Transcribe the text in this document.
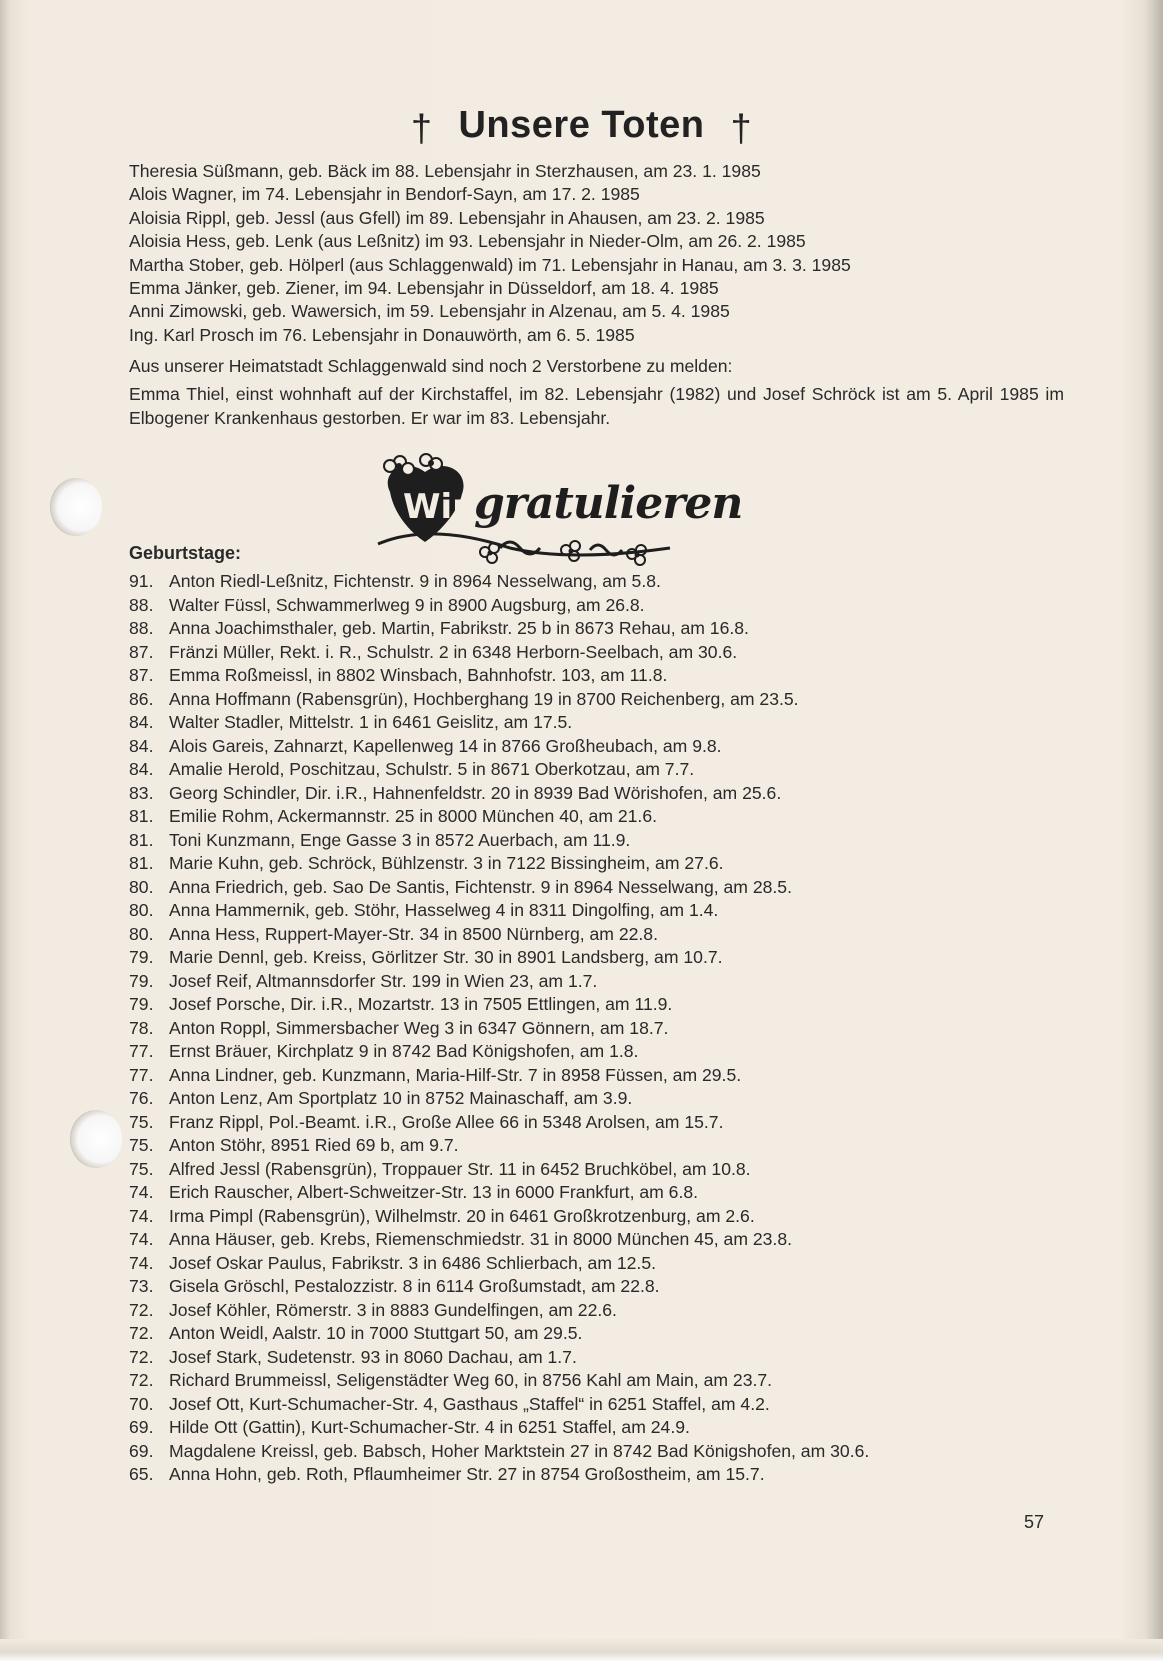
† Unsere Toten †
Theresia Süßmann, geb. Bäck im 88. Lebensjahr in Sterzhausen, am 23. 1. 1985
Alois Wagner, im 74. Lebensjahr in Bendorf-Sayn, am 17. 2. 1985
Aloisia Rippl, geb. Jessl (aus Gfell) im 89. Lebensjahr in Ahausen, am 23. 2. 1985
Aloisia Hess, geb. Lenk (aus Leßnitz) im 93. Lebensjahr in Nieder-Olm, am 26. 2. 1985
Martha Stober, geb. Hölperl (aus Schlaggenwald) im 71. Lebensjahr in Hanau, am 3. 3. 1985
Emma Jänker, geb. Ziener, im 94. Lebensjahr in Düsseldorf, am 18. 4. 1985
Anni Zimowski, geb. Wawersich, im 59. Lebensjahr in Alzenau, am 5. 4. 1985
Ing. Karl Prosch im 76. Lebensjahr in Donauwörth, am 6. 5. 1985

Aus unserer Heimatstadt Schlaggenwald sind noch 2 Verstorbene zu melden:

Emma Thiel, einst wohnhaft auf der Kirchstaffel, im 82. Lebensjahr (1982) und Josef Schröck ist am 5. April 1985 im Elbogener Krankenhaus gestorben. Er war im 83. Lebensjahr.

Wir gratulieren
Geburtstage:
91. Anton Riedl-Leßnitz, Fichtenstr. 9 in 8964 Nesselwang, am 5.8.
88. Walter Füssl, Schwammerlweg 9 in 8900 Augsburg, am 26.8.
88. Anna Joachimsthaler, geb. Martin, Fabrikstr. 25 b in 8673 Rehau, am 16.8.
87. Fränzi Müller, Rekt. i. R., Schulstr. 2 in 6348 Herborn-Seelbach, am 30.6.
87. Emma Roßmeissl, in 8802 Winsbach, Bahnhofstr. 103, am 11.8.
86. Anna Hoffmann (Rabensgrün), Hochberghang 19 in 8700 Reichenberg, am 23.5.
84. Walter Stadler, Mittelstr. 1 in 6461 Geislitz, am 17.5.
84. Alois Gareis, Zahnarzt, Kapellenweg 14 in 8766 Großheubach, am 9.8.
84. Amalie Herold, Poschitzau, Schulstr. 5 in 8671 Oberkotzau, am 7.7.
83. Georg Schindler, Dir. i.R., Hahnenfeldstr. 20 in 8939 Bad Wörishofen, am 25.6.
81. Emilie Rohm, Ackermannstr. 25 in 8000 München 40, am 21.6.
81. Toni Kunzmann, Enge Gasse 3 in 8572 Auerbach, am 11.9.
81. Marie Kuhn, geb. Schröck, Bühlzenstr. 3 in 7122 Bissingheim, am 27.6.
80. Anna Friedrich, geb. Sao De Santis, Fichtenstr. 9 in 8964 Nesselwang, am 28.5.
80. Anna Hammernik, geb. Stöhr, Hasselweg 4 in 8311 Dingolfing, am 1.4.
80. Anna Hess, Ruppert-Mayer-Str. 34 in 8500 Nürnberg, am 22.8.
79. Marie Dennl, geb. Kreiss, Görlitzer Str. 30 in 8901 Landsberg, am 10.7.
79. Josef Reif, Altmannsdorfer Str. 199 in Wien 23, am 1.7.
79. Josef Porsche, Dir. i.R., Mozartstr. 13 in 7505 Ettlingen, am 11.9.
78. Anton Roppl, Simmersbacher Weg 3 in 6347 Gönnern, am 18.7.
77. Ernst Bräuer, Kirchplatz 9 in 8742 Bad Königshofen, am 1.8.
77. Anna Lindner, geb. Kunzmann, Maria-Hilf-Str. 7 in 8958 Füssen, am 29.5.
76. Anton Lenz, Am Sportplatz 10 in 8752 Mainaschaff, am 3.9.
75. Franz Rippl, Pol.-Beamt. i.R., Große Allee 66 in 5348 Arolsen, am 15.7.
75. Anton Stöhr, 8951 Ried 69 b, am 9.7.
75. Alfred Jessl (Rabensgrün), Troppauer Str. 11 in 6452 Bruchköbel, am 10.8.
74. Erich Rauscher, Albert-Schweitzer-Str. 13 in 6000 Frankfurt, am 6.8.
74. Irma Pimpl (Rabensgrün), Wilhelmstr. 20 in 6461 Großkrotzenburg, am 2.6.
74. Anna Häuser, geb. Krebs, Riemenschmiedstr. 31 in 8000 München 45, am 23.8.
74. Josef Oskar Paulus, Fabrikstr. 3 in 6486 Schlierbach, am 12.5.
73. Gisela Gröschl, Pestalozzistr. 8 in 6114 Großumstadt, am 22.8.
72. Josef Köhler, Römerstr. 3 in 8883 Gundelfingen, am 22.6.
72. Anton Weidl, Aalstr. 10 in 7000 Stuttgart 50, am 29.5.
72. Josef Stark, Sudetenstr. 93 in 8060 Dachau, am 1.7.
72. Richard Brummeissl, Seligenstädter Weg 60, in 8756 Kahl am Main, am 23.7.
70. Josef Ott, Kurt-Schumacher-Str. 4, Gasthaus „Staffel“ in 6251 Staffel, am 4.2.
69. Hilde Ott (Gattin), Kurt-Schumacher-Str. 4 in 6251 Staffel, am 24.9.
69. Magdalene Kreissl, geb. Babsch, Hoher Marktstein 27 in 8742 Bad Königshofen, am 30.6.
65. Anna Hohn, geb. Roth, Pflaumheimer Str. 27 in 8754 Großostheim, am 15.7.
57
